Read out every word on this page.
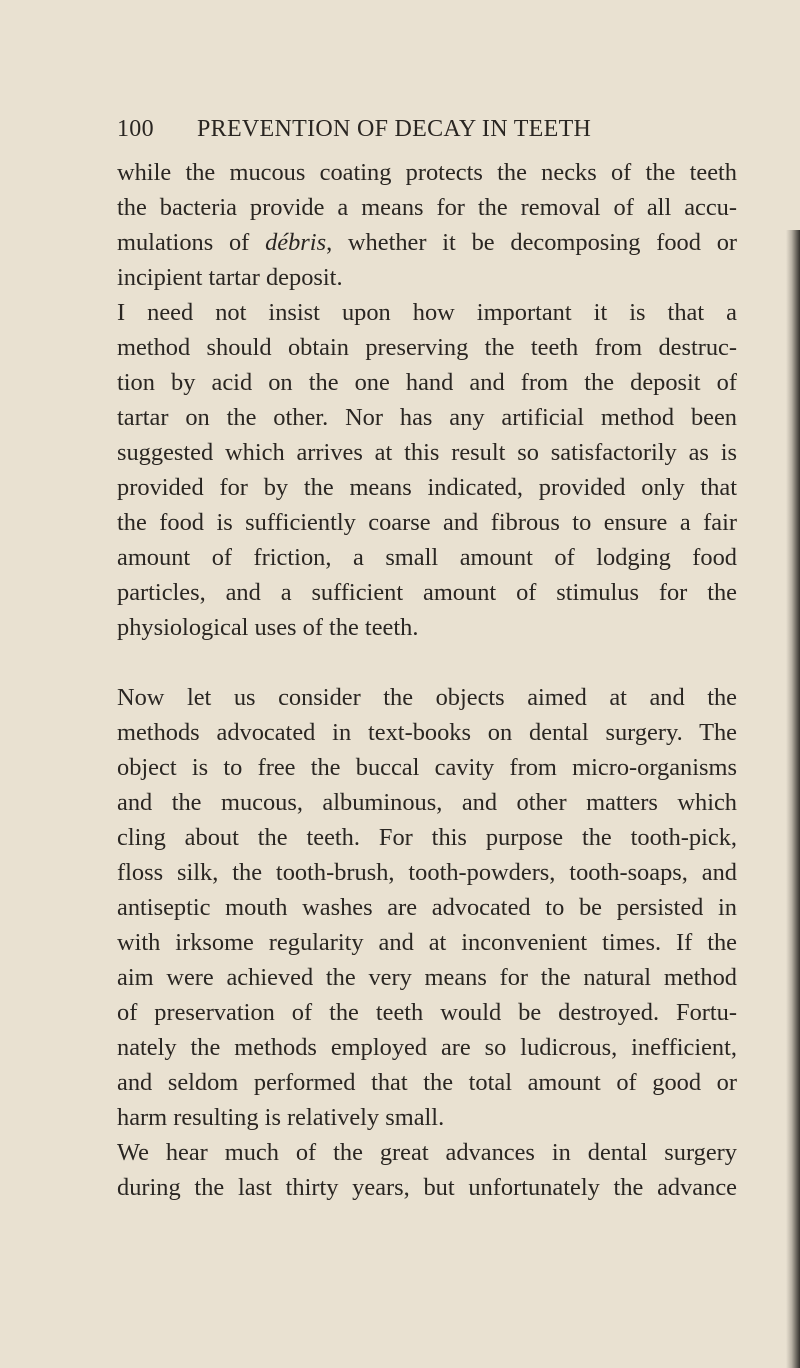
100 PREVENTION OF DECAY IN TEETH
while the mucous coating protects the necks of the teeth
the bacteria provide a means for the removal of all accu-
mulations of débris, whether it be decomposing food or
incipient tartar deposit.
I need not insist upon how important it is that a
method should obtain preserving the teeth from destruc-
tion by acid on the one hand and from the deposit of
tartar on the other. Nor has any artificial method been
suggested which arrives at this result so satisfactorily as is
provided for by the means indicated, provided only that
the food is sufficiently coarse and fibrous to ensure a fair
amount of friction, a small amount of lodging food
particles, and a sufficient amount of stimulus for the
physiological uses of the teeth.
Now let us consider the objects aimed at and the
methods advocated in text-books on dental surgery. The
object is to free the buccal cavity from micro-organisms
and the mucous, albuminous, and other matters which
cling about the teeth. For this purpose the tooth-pick,
floss silk, the tooth-brush, tooth-powders, tooth-soaps, and
antiseptic mouth washes are advocated to be persisted in
with irksome regularity and at inconvenient times. If the
aim were achieved the very means for the natural method
of preservation of the teeth would be destroyed. Fortu-
nately the methods employed are so ludicrous, inefficient,
and seldom performed that the total amount of good or
harm resulting is relatively small.
We hear much of the great advances in dental surgery
during the last thirty years, but unfortunately the advance
